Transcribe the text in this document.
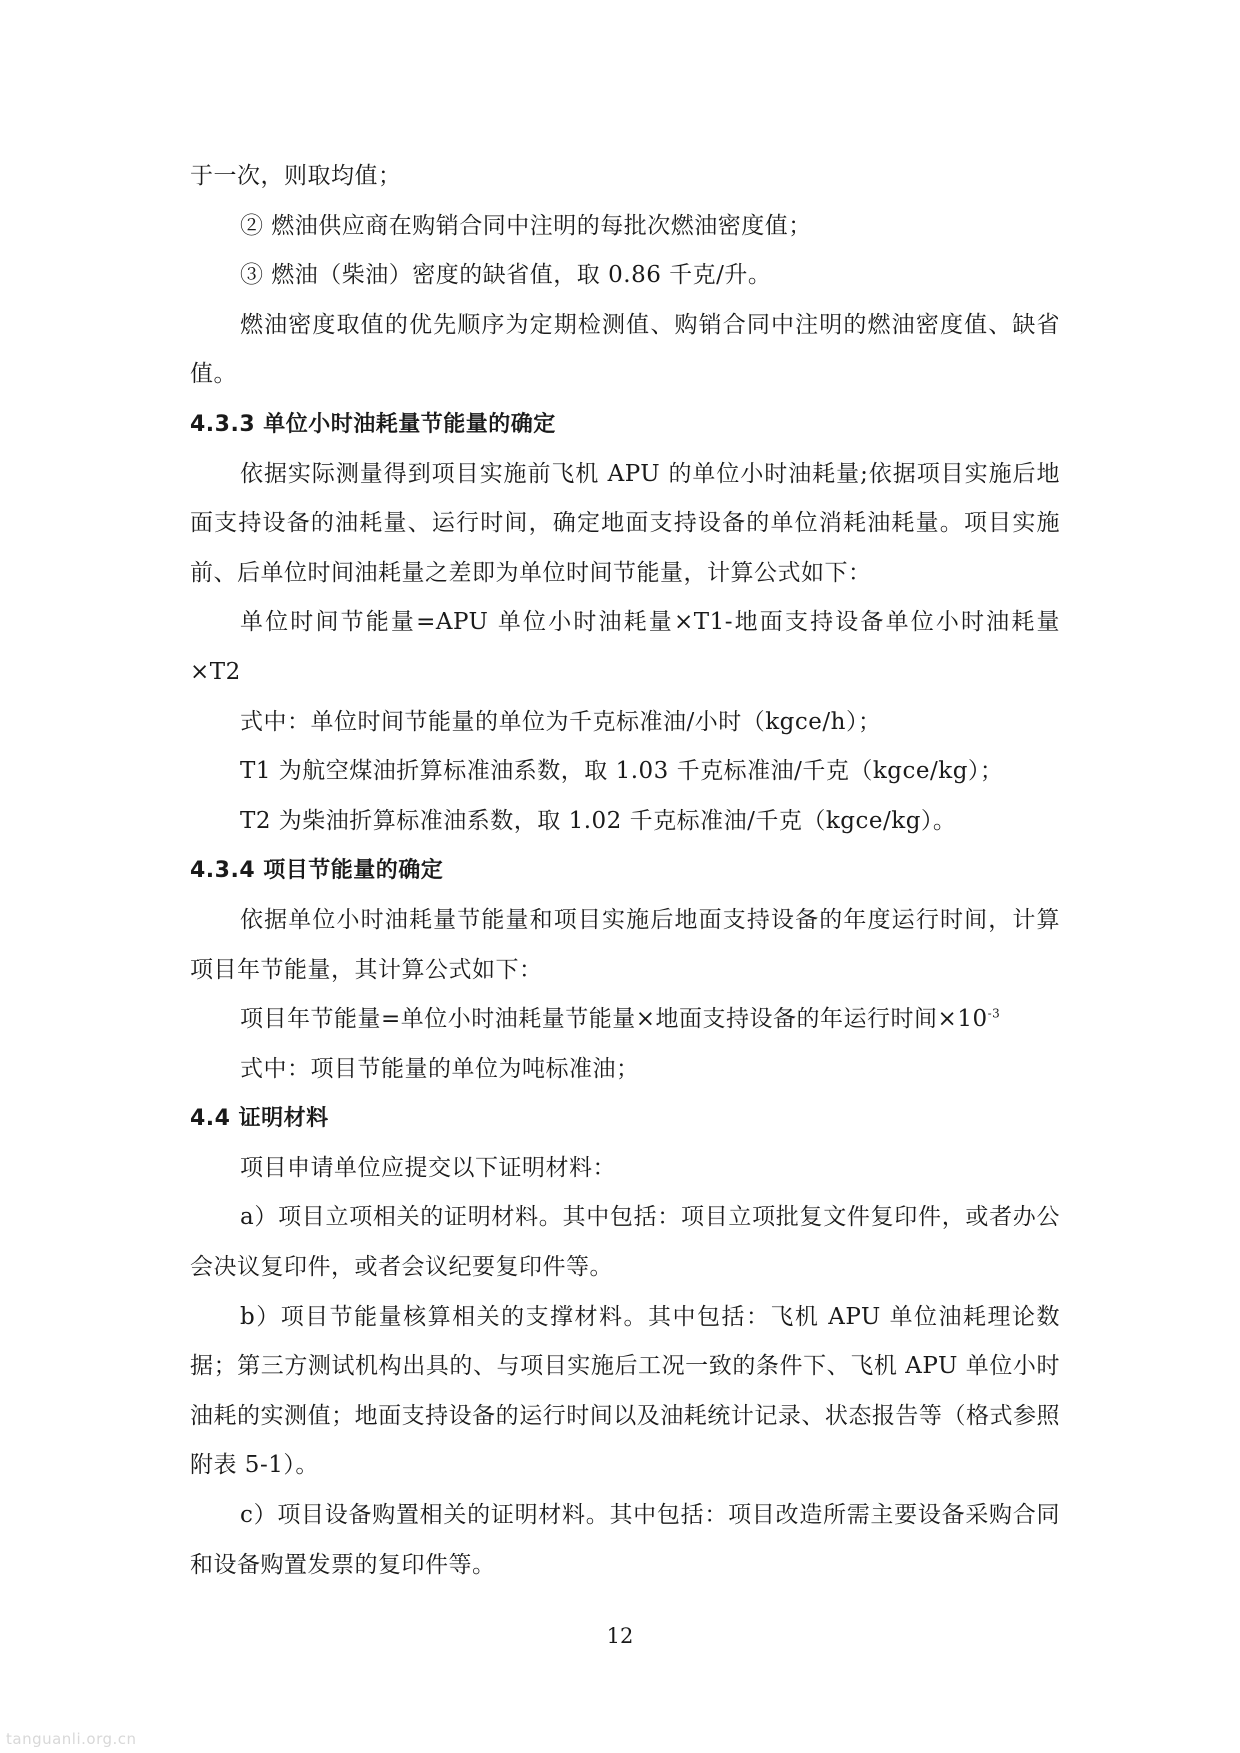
于一次，则取均值；

② 燃油供应商在购销合同中注明的每批次燃油密度值；

③ 燃油（柴油）密度的缺省值，取 0.86 千克/升。

燃油密度取值的优先顺序为定期检测值、购销合同中注明的燃油密度值、缺省值。

4.3.3 单位小时油耗量节能量的确定

依据实际测量得到项目实施前飞机 APU 的单位小时油耗量;依据项目实施后地面支持设备的油耗量、运行时间，确定地面支持设备的单位消耗油耗量。项目实施前、后单位时间油耗量之差即为单位时间节能量，计算公式如下：

单位时间节能量=APU 单位小时油耗量×T1-地面支持设备单位小时油耗量×T2

式中：单位时间节能量的单位为千克标准油/小时（kgce/h）；

T1 为航空煤油折算标准油系数，取 1.03 千克标准油/千克（kgce/kg）；

T2 为柴油折算标准油系数，取 1.02 千克标准油/千克（kgce/kg）。

4.3.4 项目节能量的确定

依据单位小时油耗量节能量和项目实施后地面支持设备的年度运行时间，计算项目年节能量，其计算公式如下：

项目年节能量=单位小时油耗量节能量×地面支持设备的年运行时间$\times 10^{-3}$

式中：项目节能量的单位为吨标准油；

4.4 证明材料

项目申请单位应提交以下证明材料：

a）项目立项相关的证明材料。其中包括：项目立项批复文件复印件，或者办公会决议复印件，或者会议纪要复印件等。

b）项目节能量核算相关的支撑材料。其中包括：飞机 APU 单位油耗理论数据；第三方测试机构出具的、与项目实施后工况一致的条件下、飞机 APU 单位小时油耗的实测值；地面支持设备的运行时间以及油耗统计记录、状态报告等（格式参照附表 5-1）。

c）项目设备购置相关的证明材料。其中包括：项目改造所需主要设备采购合同和设备购置发票的复印件等。

12
tanguanli.org.cn
